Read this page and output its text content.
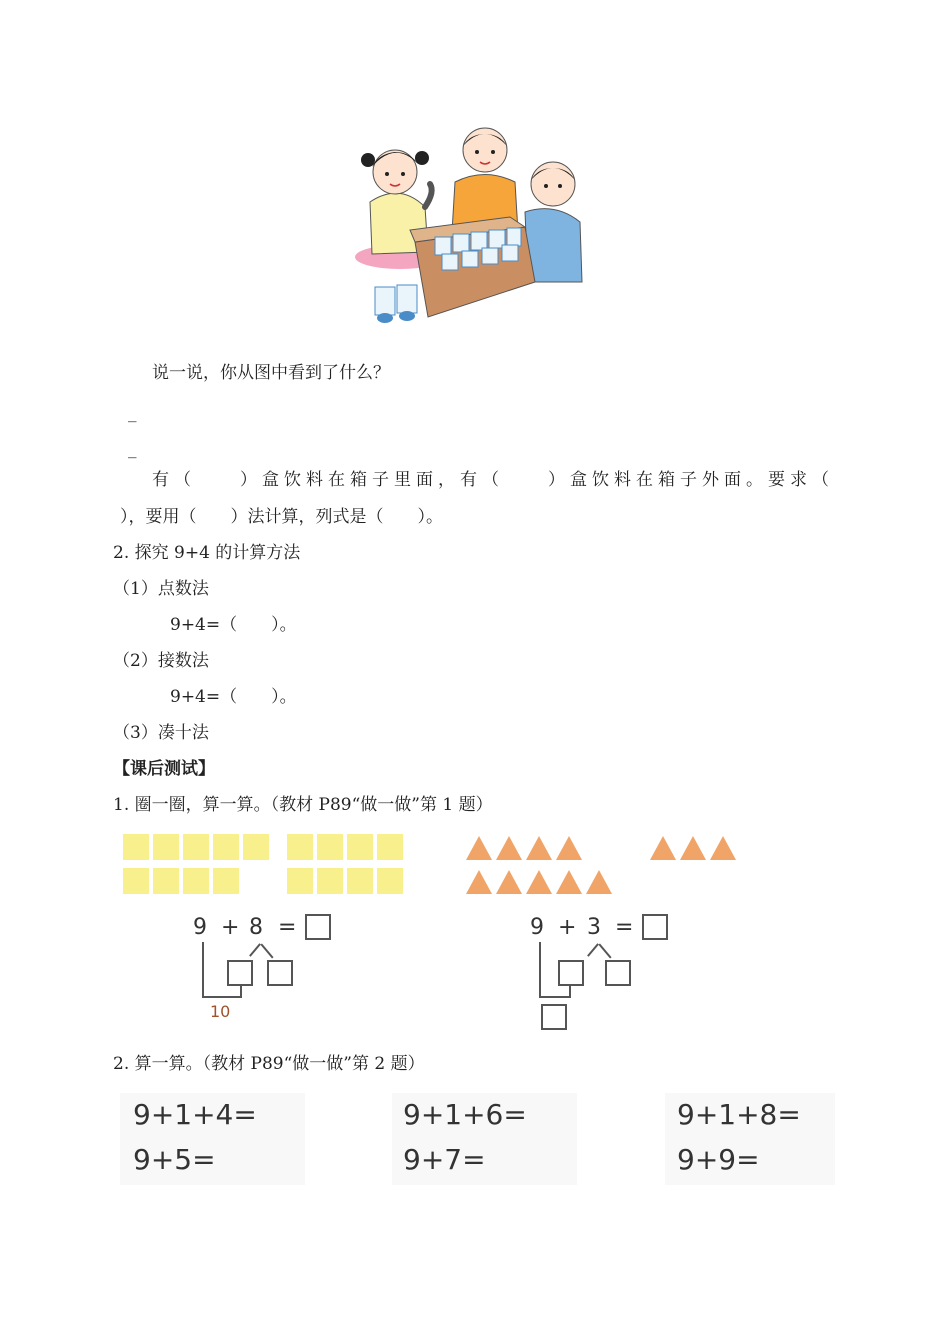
说一说，你从图中看到了什么？
_
_
有（　　）盒饮料在箱子里面，有（　　）盒饮料在箱子外面。要求（
），要用（　　）法计算，列式是（　　）。
2. 探究 9+4 的计算方法
（1）点数法
9+4=（　　）。
（2）接数法
9+4=（　　）。
（3）凑十法
【课后测试】
1. 圈一圈，算一算。（教材 P89“做一做”第 1 题）
9 + 8 =
10
9 + 3 =
2. 算一算。（教材 P89“做一做”第 2 题）
9+1+4=
9+5=
9+1+6=
9+7=
9+1+8=
9+9=
